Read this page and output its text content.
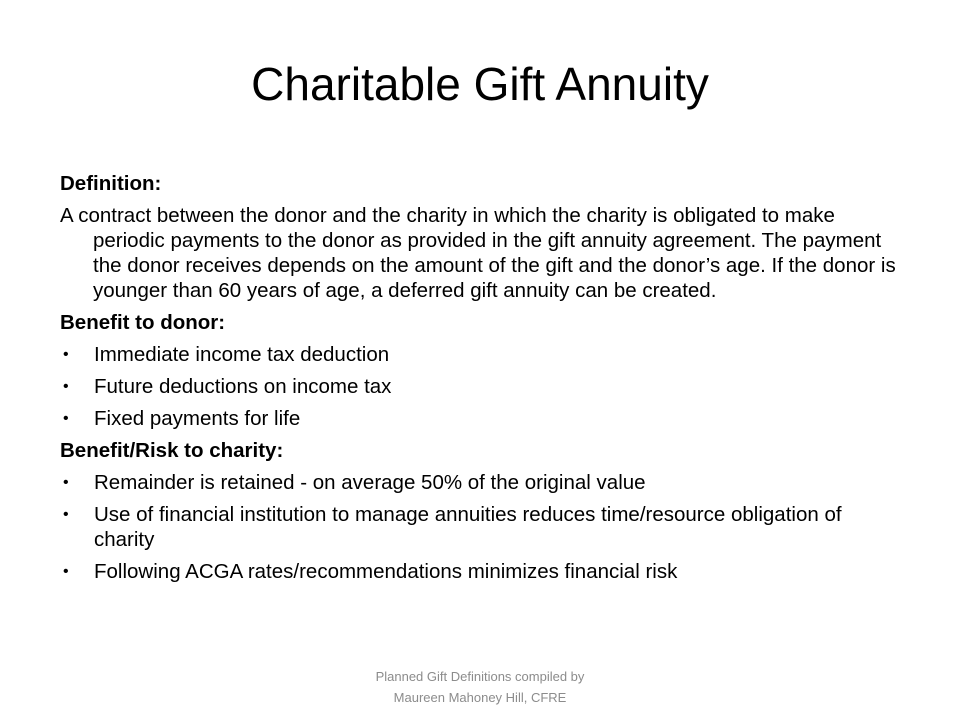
Charitable Gift Annuity
Definition:
A contract between the donor and the charity in which the charity is obligated to make periodic payments to the donor as provided in the gift annuity agreement. The payment the donor receives depends on the amount of the gift and the donor’s age. If the donor is younger than 60 years of age, a deferred gift annuity can be created.
Benefit to donor:
• Immediate income tax deduction
• Future deductions on income tax
• Fixed payments for life
Benefit/Risk to charity:
• Remainder is retained - on average 50% of the original value
• Use of financial institution to manage annuities reduces time/resource obligation of charity
• Following ACGA rates/recommendations minimizes financial risk
Planned Gift Definitions compiled by
Maureen Mahoney Hill, CFRE
